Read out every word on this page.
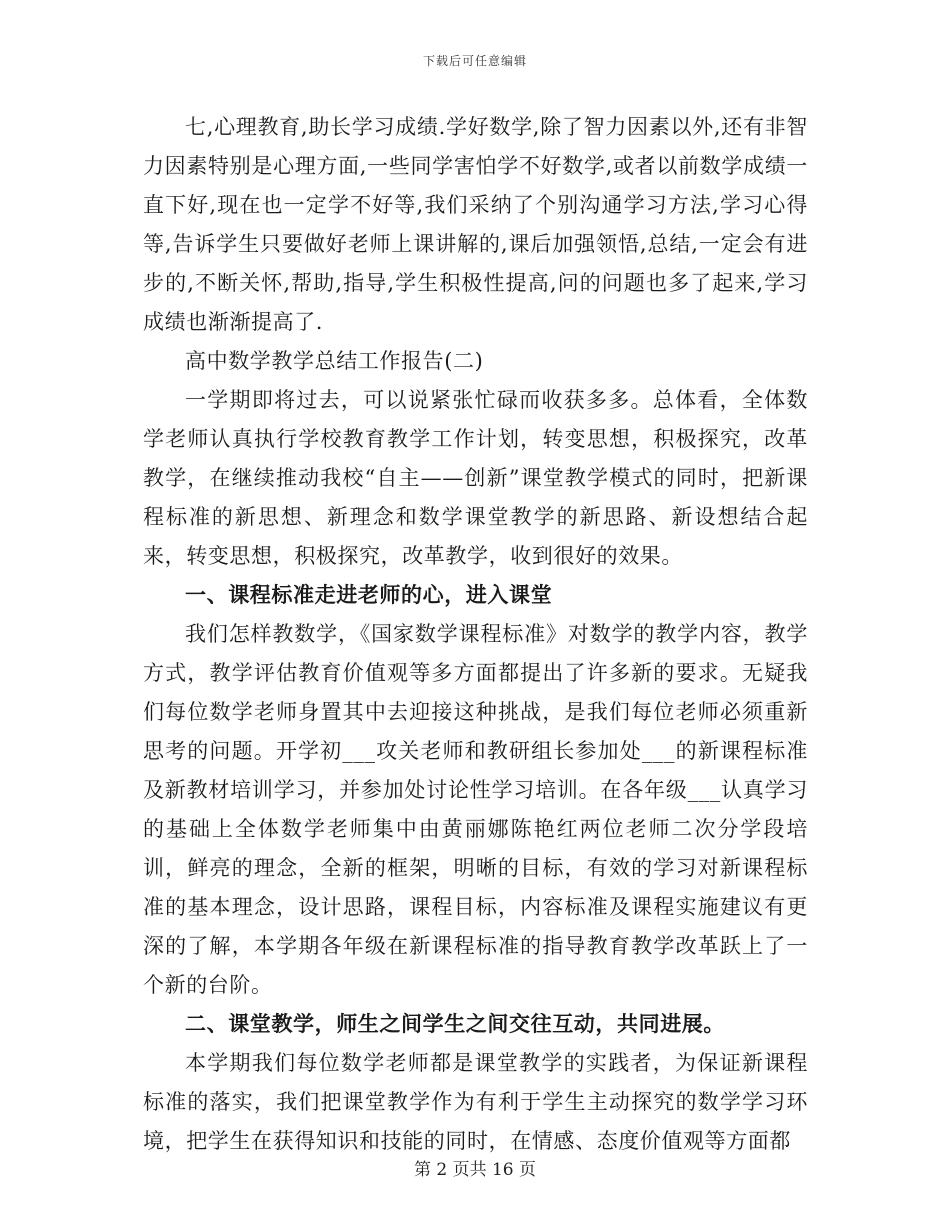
下载后可任意编辑

七,心理教育,助长学习成绩.学好数学,除了智力因素以外,还有非智力因素特别是心理方面,一些同学害怕学不好数学,或者以前数学成绩一直下好,现在也一定学不好等,我们采纳了个别沟通学习方法,学习心得等,告诉学生只要做好老师上课讲解的,课后加强领悟,总结,一定会有进步的,不断关怀,帮助,指导,学生积极性提高,问的问题也多了起来,学习成绩也渐渐提高了.

高中数学教学总结工作报告(二)

一学期即将过去，可以说紧张忙碌而收获多多。总体看，全体数学老师认真执行学校教育教学工作计划，转变思想，积极探究，改革教学，在继续推动我校“自主——创新”课堂教学模式的同时，把新课程标准的新思想、新理念和数学课堂教学的新思路、新设想结合起来，转变思想，积极探究，改革教学，收到很好的效果。

一、课程标准走进老师的心，进入课堂

我们怎样教数学，《国家数学课程标准》对数学的教学内容，教学方式，教学评估教育价值观等多方面都提出了许多新的要求。无疑我们每位数学老师身置其中去迎接这种挑战，是我们每位老师必须重新思考的问题。开学初___攻关老师和教研组长参加处___的新课程标准及新教材培训学习，并参加处讨论性学习培训。在各年级___认真学习的基础上全体数学老师集中由黄丽娜陈艳红两位老师二次分学段培训，鲜亮的理念，全新的框架，明晰的目标，有效的学习对新课程标准的基本理念，设计思路，课程目标，内容标准及课程实施建议有更深的了解，本学期各年级在新课程标准的指导教育教学改革跃上了一个新的台阶。

二、课堂教学，师生之间学生之间交往互动，共同进展。

本学期我们每位数学老师都是课堂教学的实践者，为保证新课程标准的落实，我们把课堂教学作为有利于学生主动探究的数学学习环境，把学生在获得知识和技能的同时，在情感、态度价值观等方面都

第 2 页共 16 页
